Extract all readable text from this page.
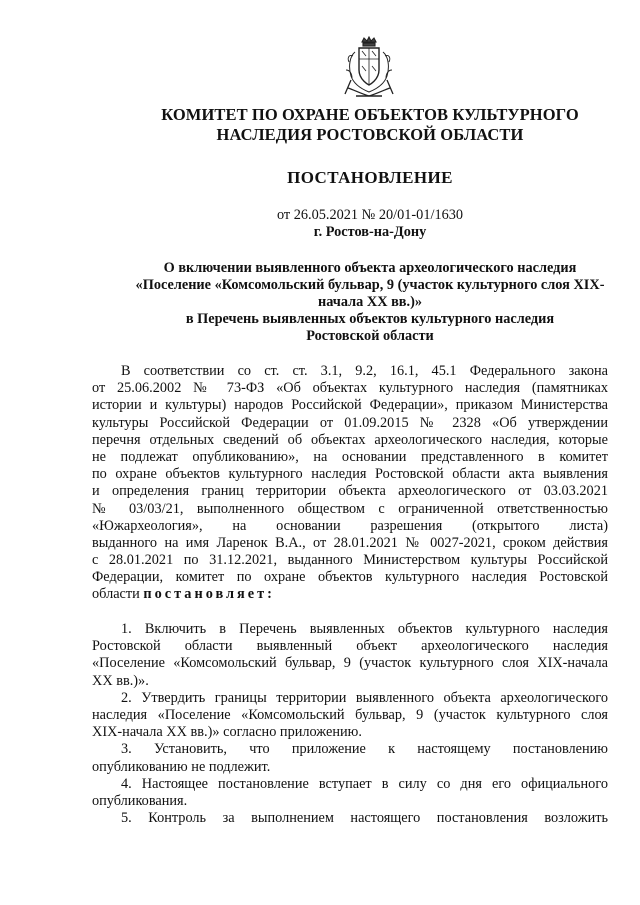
КОМИТЕТ ПО ОХРАНЕ ОБЪЕКТОВ КУЛЬТУРНОГО
НАСЛЕДИЯ РОСТОВСКОЙ ОБЛАСТИ
ПОСТАНОВЛЕНИЕ
от 26.05.2021 № 20/01-01/1630
г. Ростов-на-Дону
О включении выявленного объекта археологического наследия
«Поселение «Комсомольский бульвар, 9 (участок культурного слоя XIX-
начала XX вв.)»
в Перечень выявленных объектов культурного наследия
Ростовской области
В соответствии со ст. ст. 3.1, 9.2, 16.1, 45.1 Федерального закона
от 25.06.2002 № 73-ФЗ «Об объектах культурного наследия (памятниках
истории и культуры) народов Российской Федерации», приказом Министерства
культуры Российской Федерации от 01.09.2015 № 2328 «Об утверждении
перечня отдельных сведений об объектах археологического наследия, которые
не подлежат опубликованию», на основании представленного в комитет
по охране объектов культурного наследия Ростовской области акта выявления
и определения границ территории объекта археологического от 03.03.2021
№ 03/03/21, выполненного обществом с ограниченной ответственностью
«Южархеология», на основании разрешения (открытого листа)
выданного на имя Ларенок В.А., от 28.01.2021 № 0027-2021, сроком действия
с 28.01.2021 по 31.12.2021, выданного Министерством культуры Российской
Федерации, комитет по охране объектов культурного наследия Ростовской
области постановляет:
1. Включить в Перечень выявленных объектов культурного наследия
Ростовской области выявленный объект археологического наследия
«Поселение «Комсомольский бульвар, 9 (участок культурного слоя XIX-начала
XX вв.)».
2. Утвердить границы территории выявленного объекта археологического
наследия «Поселение «Комсомольский бульвар, 9 (участок культурного слоя
XIX-начала XX вв.)» согласно приложению.
3. Установить, что приложение к настоящему постановлению
опубликованию не подлежит.
4. Настоящее постановление вступает в силу со дня его официального
опубликования.
5. Контроль за выполнением настоящего постановления возложить
